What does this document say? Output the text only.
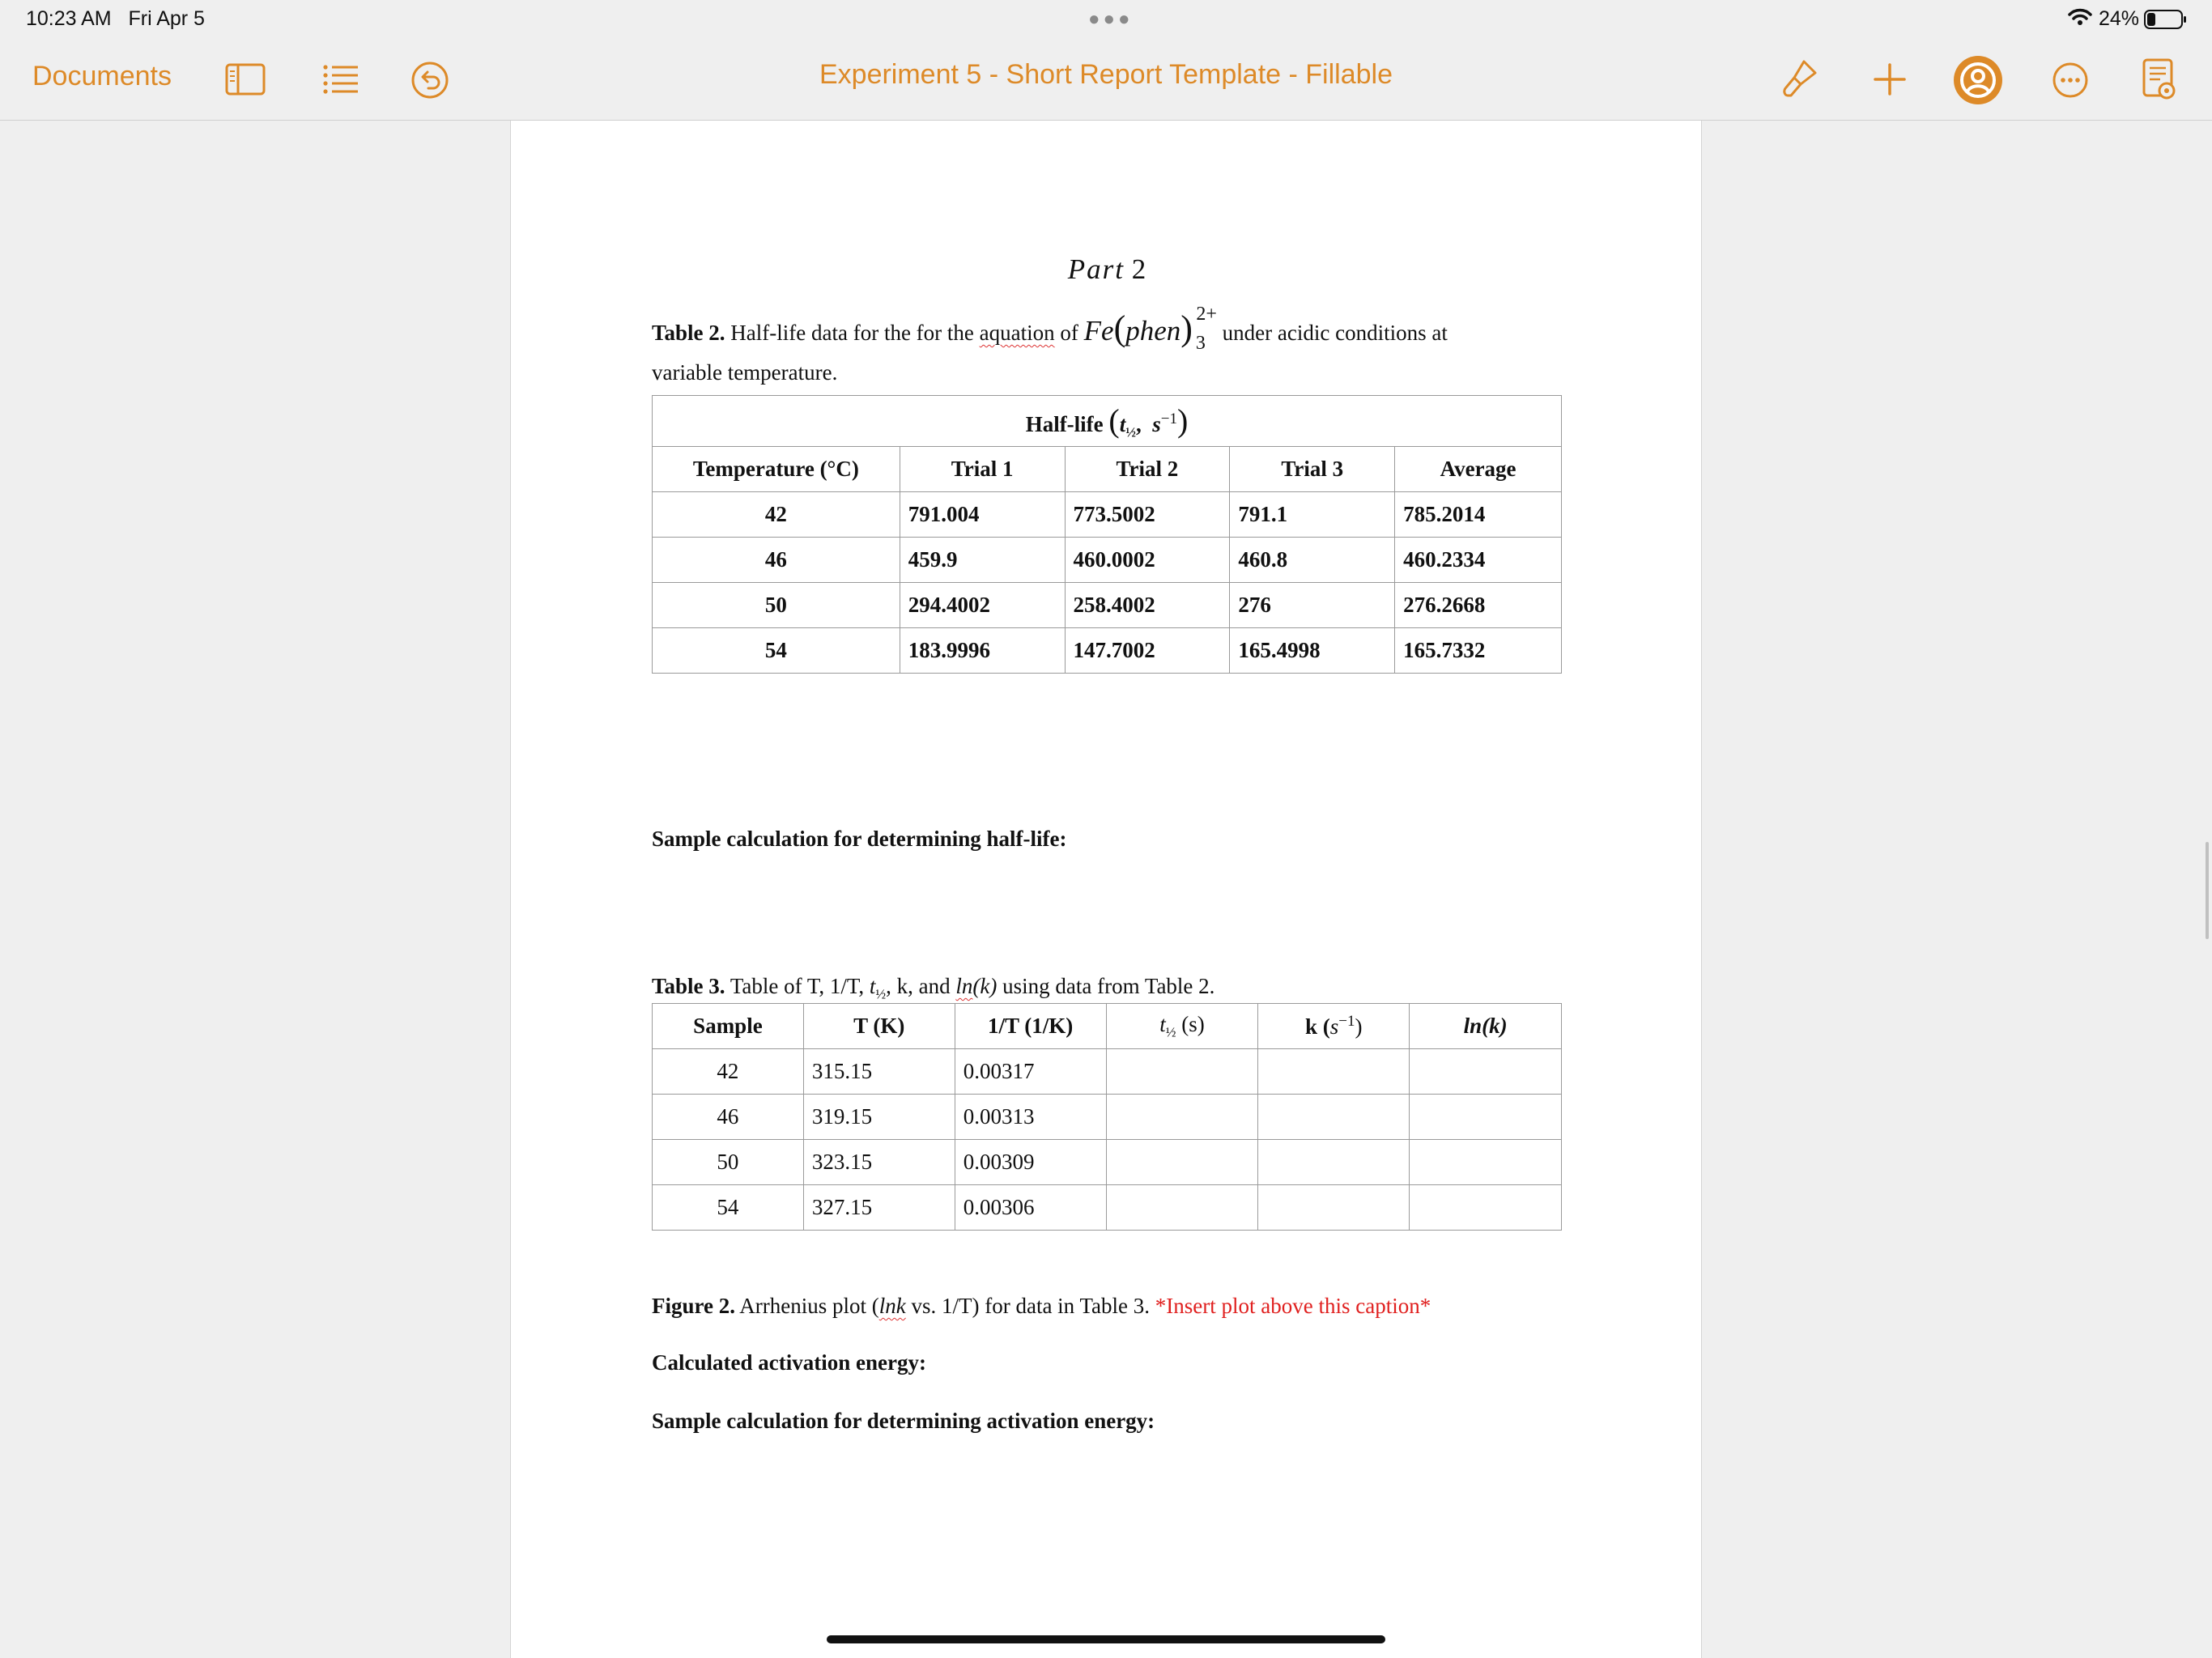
10:23 AM Fri Apr 5	●●●	24%
Documents	Experiment 5 - Short Report Template - Fillable
Part 2
Table 2. Half-life data for the for the aquation of Fe(phen) 2+
3 under acidic conditions at
variable temperature.
Half-life ($t_{\frac{1}{2}}$,  $s^{-1}$)				
Temperature (°C)	Trial 1	Trial 2	Trial 3	Average
42	791.004	773.5002	791.1	785.2014
46	459.9	460.0002	460.8	460.2334
50	294.4002	258.4002	276	276.2668
54	183.9996	147.7002	165.4998	165.7332
Sample calculation for determining half-life:
Table 3. Table of T, 1/T, $t_{\frac{1}{2}}$, k, and ln(k) using data from Table 2.
Sample	T (K)	1/T (1/K)	$t_{\frac{1}{2}}$ (s)	k $(s^{-1})$	ln(k)
42	315.15	0.00317			
46	319.15	0.00313			
50	323.15	0.00309			
54	327.15	0.00306			
Figure 2. Arrhenius plot (lnk vs. 1/T) for data in Table 3. *Insert plot above this caption*
Calculated activation energy:
Sample calculation for determining activation energy:
